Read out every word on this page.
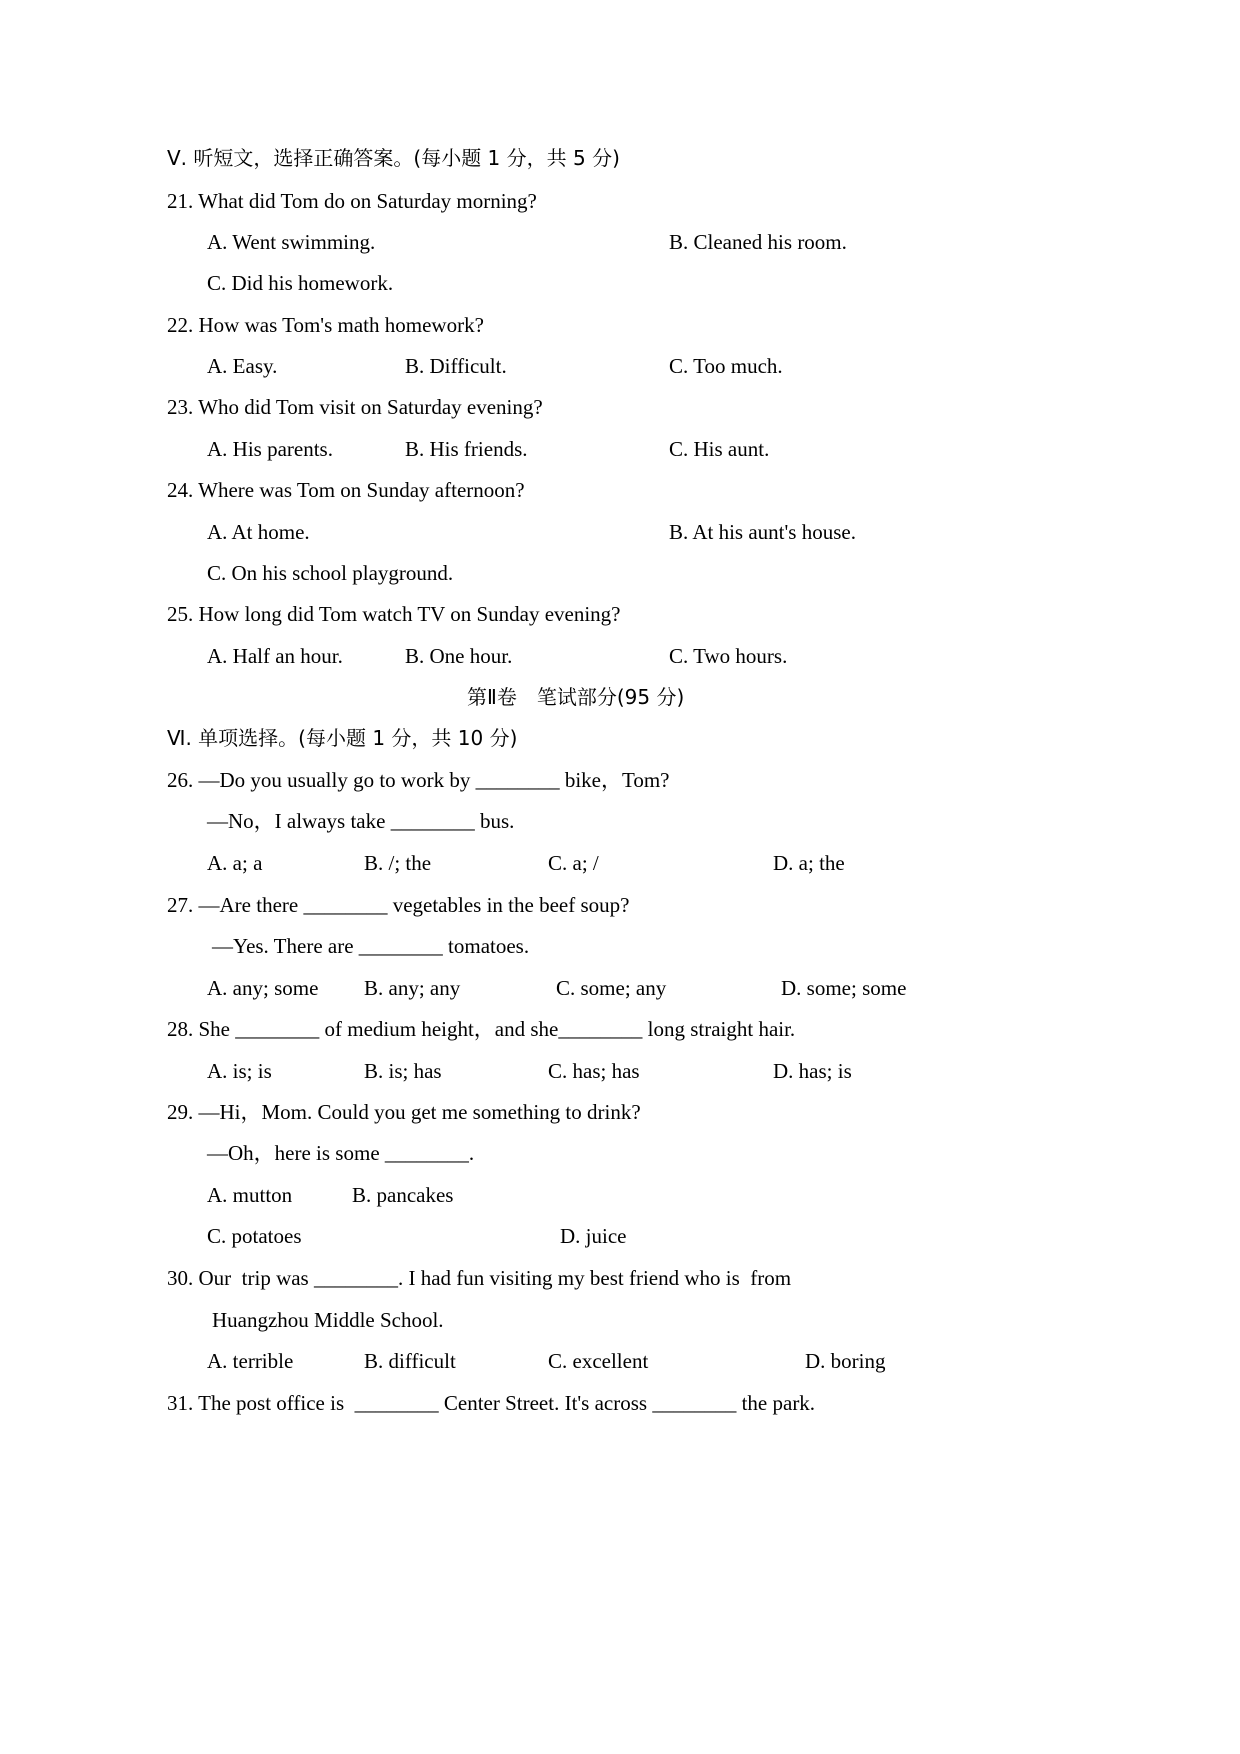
Ⅴ. 听短文，选择正确答案。(每小题 1 分，共 5 分)
21. What did Tom do on Saturday morning?
A. Went swimming.	B. Cleaned his room.
C. Did his homework.
22. How was Tom's math homework?
A. Easy.	B. Difficult.	C. Too much.
23. Who did Tom visit on Saturday evening?
A. His parents.	B. His friends.	C. His aunt.
24. Where was Tom on Sunday afternoon?
A. At home.	B. At his aunt's house.
C. On his school playground.
25. How long did Tom watch TV on Sunday evening?
A. Half an hour.	B. One hour.	C. Two hours.
第Ⅱ卷　笔试部分(95 分)
Ⅵ. 单项选择。(每小题 1 分，共 10 分)
26. —Do you usually go to work by ________ bike，Tom?
—No，I always take ________ bus.
A. a; a	B. /; the	C. a; /	D. a; the
27. —Are there ________ vegetables in the beef soup?
—Yes. There are ________ tomatoes.
A. any; some B. any; any	C. some; any	D. some; some
28. She ________ of medium height，and she________ long straight hair.
A. is; is	B. is; has	C. has; has	D. has; is
29. —Hi，Mom. Could you get me something to drink?
—Oh，here is some ________.
A. mutton	B. pancakes
C. potatoes	D. juice
30. Our  trip was ________. I had fun visiting my best friend who is  from
Huangzhou Middle School.
A. terrible	B. difficult	C. excellent	D. boring
31. The post office is  ________ Center Street. It's across ________ the park.
